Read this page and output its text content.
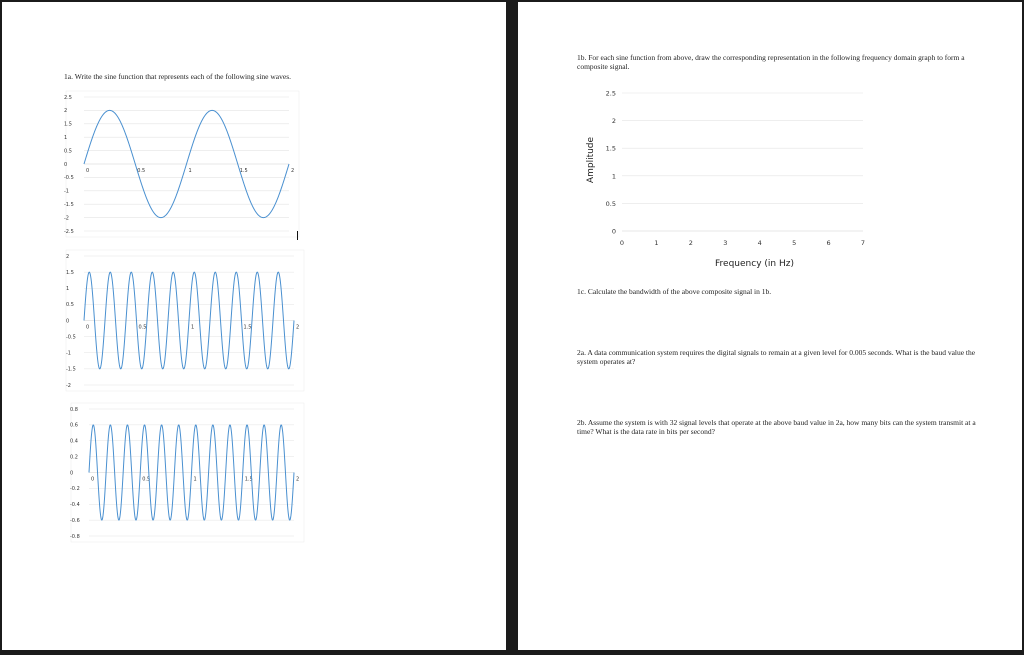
1a. Write the sine function that represents each of the following sine waves.

2.5
2
1.5
1
0.5
0
-0.5
-1
-1.5
-2
-2.5
0	0.5	1	1.5	2
2
1.5
1
0.5
0
-0.5
-1
-1.5
-2
0	0.5	1	1.5	2
0.8
0.6
0.4
0.2
0
-0.2
-0.4
-0.6
-0.8
0	0.5	1	1.5	2

1b. For each sine function from above, draw the corresponding representation in the following frequency domain graph to form a composite signal.

0
0.5
1
1.5
2
2.5
0	1	2	3	4	5	6	7
Frequency (in Hz)
Amplitude

1c. Calculate the bandwidth of the above composite signal in 1b.

2a. A data communication system requires the digital signals to remain at a given level for 0.005 seconds. What is the baud value the system operates at?

2b. Assume the system is with 32 signal levels that operate at the above baud value in 2a, how many bits can the system transmit at a time? What is the data rate in bits per second?
